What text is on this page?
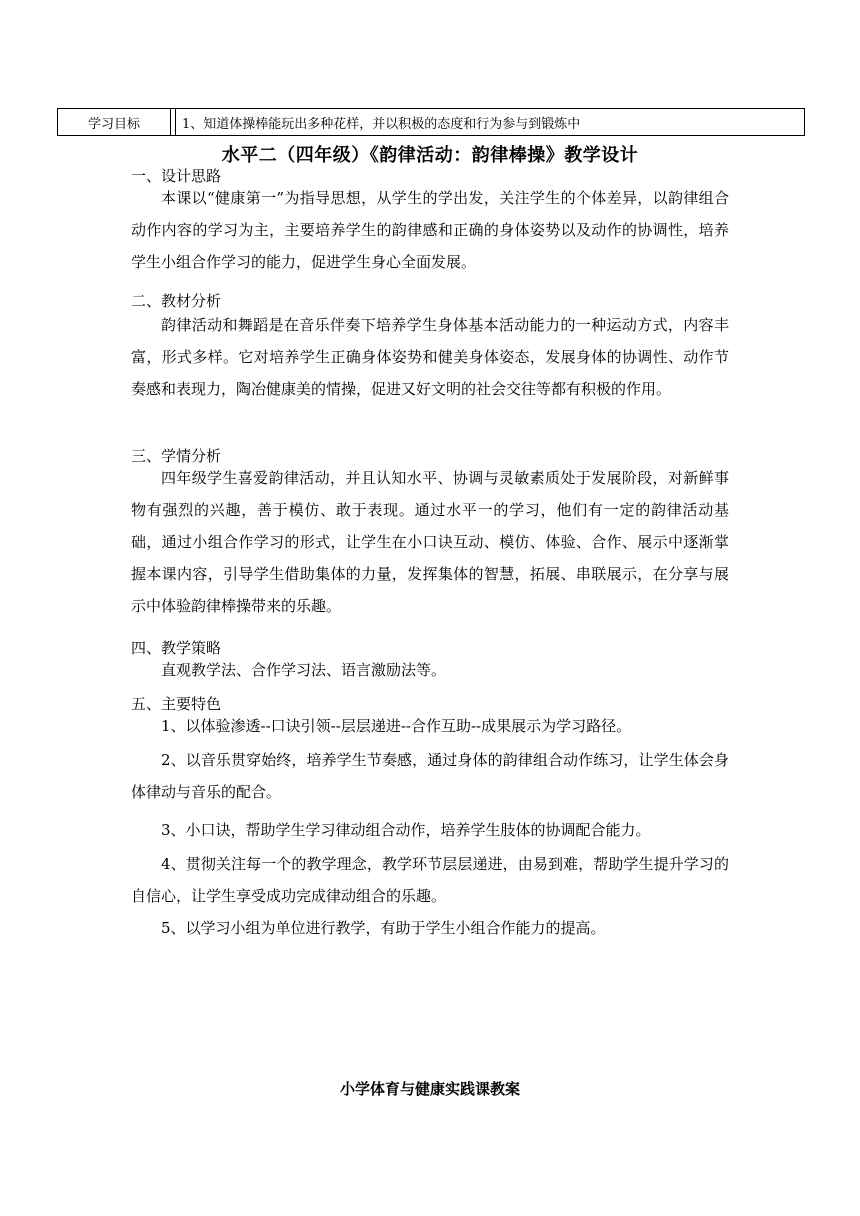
学习目标	1、知道体操棒能玩出多种花样，并以积极的态度和行为参与到锻炼中
水平二（四年级）《韵律活动：韵律棒操》教学设计
一、设计思路
本课以“健康第一”为指导思想，从学生的学出发，关注学生的个体差异，以韵律组合动作内容的学习为主，主要培养学生的韵律感和正确的身体姿势以及动作的协调性，培养学生小组合作学习的能力，促进学生身心全面发展。
二、教材分析
韵律活动和舞蹈是在音乐伴奏下培养学生身体基本活动能力的一种运动方式，内容丰富，形式多样。它对培养学生正确身体姿势和健美身体姿态，发展身体的协调性、动作节奏感和表现力，陶冶健康美的情操，促进又好文明的社会交往等都有积极的作用。
三、学情分析
四年级学生喜爱韵律活动，并且认知水平、协调与灵敏素质处于发展阶段，对新鲜事物有强烈的兴趣，善于模仿、敢于表现。通过水平一的学习，他们有一定的韵律活动基础，通过小组合作学习的形式，让学生在小口诀互动、模仿、体验、合作、展示中逐渐掌握本课内容，引导学生借助集体的力量，发挥集体的智慧，拓展、串联展示，在分享与展示中体验韵律棒操带来的乐趣。
四、教学策略
直观教学法、合作学习法、语言激励法等。
五、主要特色
1、以体验渗透--口诀引领--层层递进--合作互助--成果展示为学习路径。
2、以音乐贯穿始终，培养学生节奏感，通过身体的韵律组合动作练习，让学生体会身体律动与音乐的配合。
3、小口诀，帮助学生学习律动组合动作，培养学生肢体的协调配合能力。
4、贯彻关注每一个的教学理念，教学环节层层递进，由易到难，帮助学生提升学习的自信心，让学生享受成功完成律动组合的乐趣。
5、以学习小组为单位进行教学，有助于学生小组合作能力的提高。
小学体育与健康实践课教案
